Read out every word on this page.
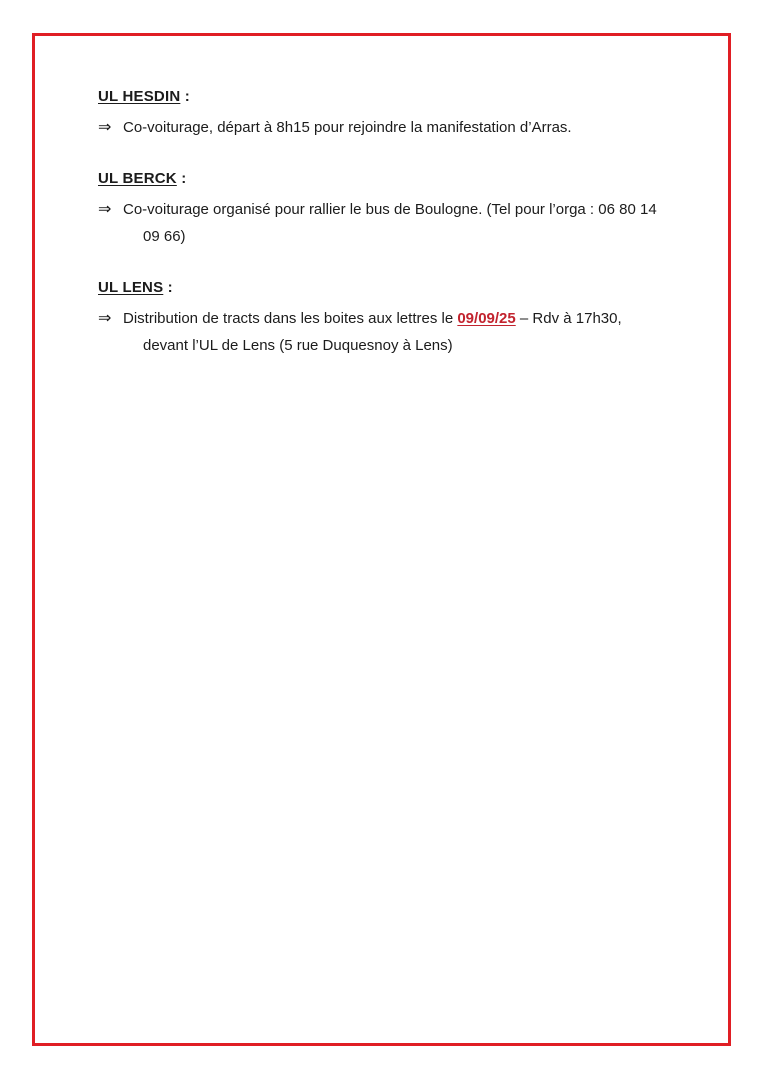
UL HESDIN :

⇒ Co-voiturage, départ à 8h15 pour rejoindre la manifestation d’Arras.

UL BERCK :

⇒ Co-voiturage organisé pour rallier le bus de Boulogne. (Tel pour l’orga : 06 80 14
09 66)

UL LENS :

⇒ Distribution de tracts dans les boites aux lettres le 09/09/25 – Rdv à 17h30,
devant l’UL de Lens (5 rue Duquesnoy à Lens)
